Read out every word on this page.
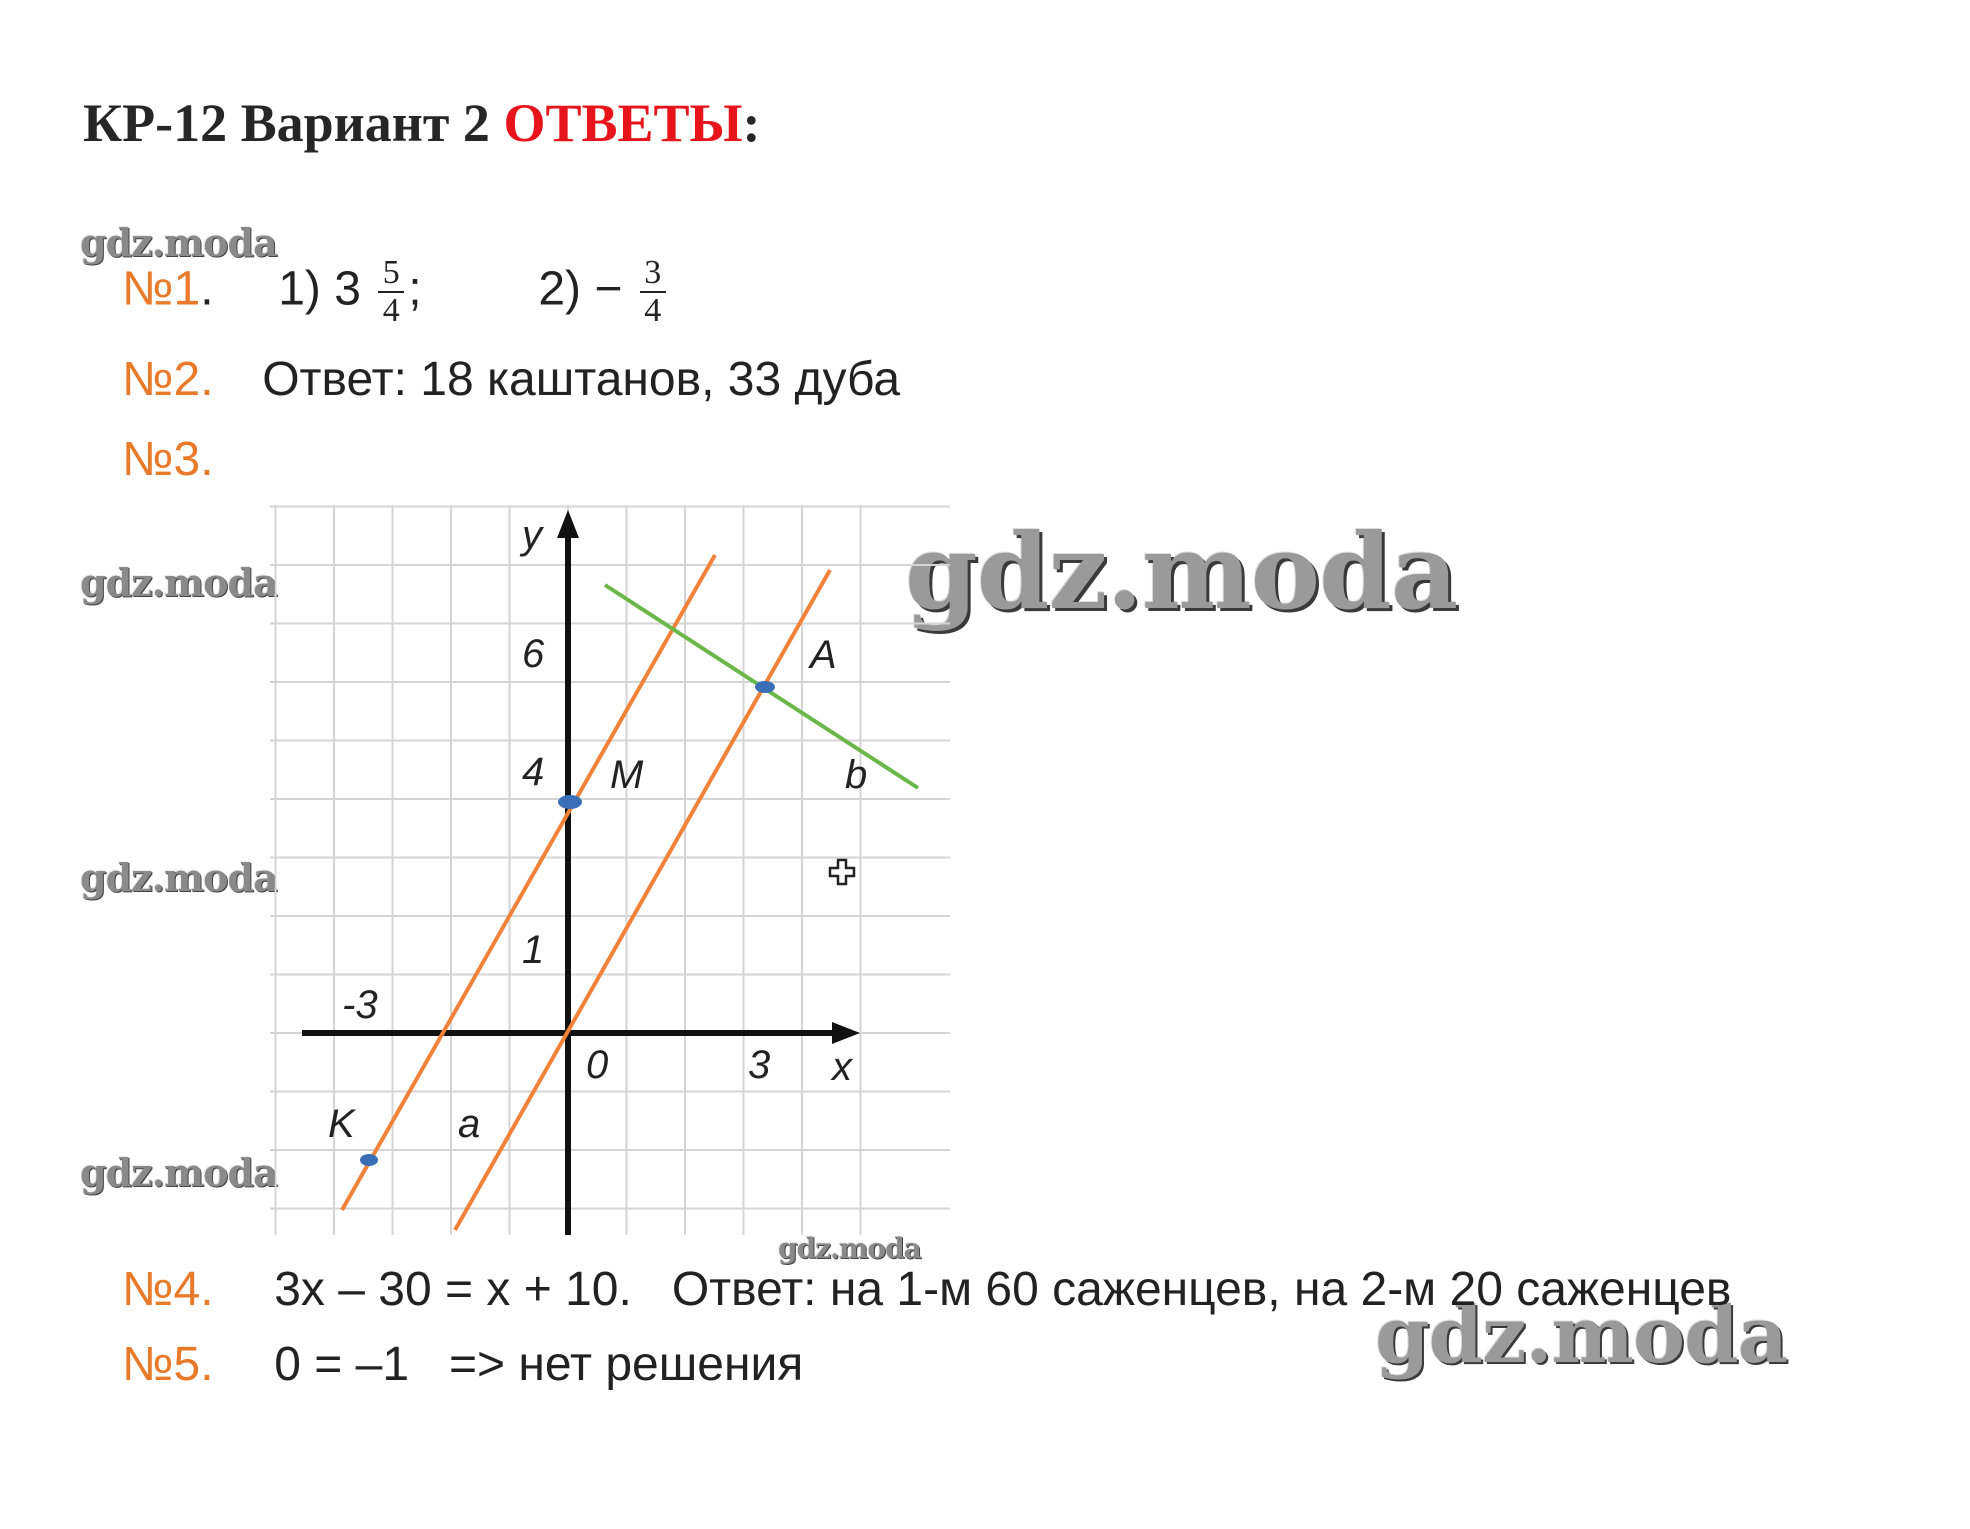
КР-12 Вариант 2 ОТВЕТЫ:
gdz.moda
gdz.moda
gdz.moda
gdz.moda
gdz.moda
gdz.moda
gdz.moda
№1. 1) $3 \frac{5}{4}$ ; $2) - \frac{3}{4}$
№2. Ответ: 18 каштанов, 33 дуба
№3.
y
x
6
4
1
-3
0	3
A
M
K	a
b
№4. 3x – 30 = x + 10.   Ответ: на 1-м 60 саженцев, на 2-м 20 саженцев
№5. 0 = –1   => нет решения
